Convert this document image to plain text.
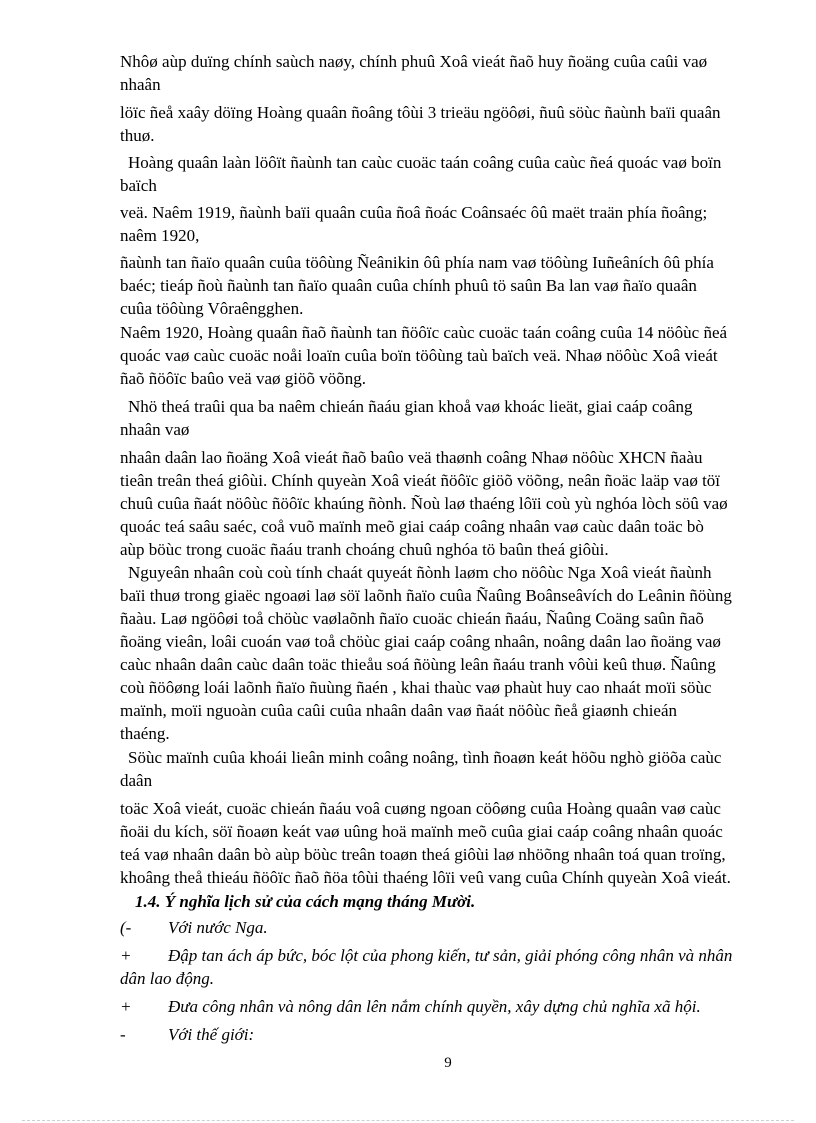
Nhôø aùp duïng chính saùch naøy, chính phuû Xoâ vieát ñaõ huy ñoäng cuûa caûi vaø

nhaân

löïc ñeå xaây döïng Hoàng quaân ñoâng tôùi 3 trieäu ngöôøi, ñuû söùc ñaùnh baïi quaân

thuø.

Hoàng quaân laàn löôït ñaùnh tan caùc cuoäc taán coâng cuûa caùc ñeá quoác vaø boïn

baïch

veä. Naêm 1919, ñaùnh baïi quaân cuûa ñoâ ñoác Coânsaéc ôû maët traän phía ñoâng;

naêm 1920,

ñaùnh tan ñaïo quaân cuûa töôùng Ñeânikin ôû phía nam vaø töôùng Iuñeâních ôû phía

baéc; tieáp ñoù ñaùnh tan ñaïo quaân cuûa chính phuû tö saûn Ba lan vaø ñaïo quaân

cuûa töôùng Vôraêngghen.

Naêm 1920, Hoàng quaân ñaõ ñaùnh tan ñöôïc caùc cuoäc taán coâng cuûa 14 nöôùc ñeá

quoác vaø caùc cuoäc noåi loaïn cuûa boïn töôùng taù baïch veä. Nhaø nöôùc Xoâ vieát

ñaõ ñöôïc baûo veä vaø giöõ vöõng.

Nhö theá traûi qua ba naêm chieán ñaáu gian khoå vaø khoác lieät, giai caáp coâng

nhaân vaø

nhaân daân lao ñoäng Xoâ vieát ñaõ baûo veä thaønh coâng Nhaø nöôùc XHCN ñaàu

tieân treân theá giôùi. Chính quyeàn Xoâ vieát ñöôïc giöõ vöõng, neân ñoäc laäp vaø töï

chuû cuûa ñaát nöôùc ñöôïc khaúng ñònh. Ñoù laø thaéng lôïi coù yù nghóa lòch söû vaø

quoác teá saâu saéc, coå vuõ maïnh meõ giai caáp coâng nhaân vaø caùc daân toäc bò

aùp böùc trong cuoäc ñaáu tranh choáng chuû nghóa tö baûn theá giôùi.

Nguyeân nhaân coù coù tính chaát quyeát ñònh laøm cho nöôùc Nga Xoâ vieát ñaùnh

baïi thuø trong giaëc ngoaøi laø söï laõnh ñaïo cuûa Ñaûng Boânseâvích do Leânin ñöùng

ñaàu. Laø ngöôøi toå chöùc vaølaõnh ñaïo cuoäc chieán ñaáu, Ñaûng Coäng saûn ñaõ

ñoäng vieân, loâi cuoán vaø toå chöùc giai caáp coâng nhaân, noâng daân lao ñoäng vaø

caùc nhaân daân caùc daân toäc thieåu soá ñöùng leân ñaáu tranh vôùi keû thuø. Ñaûng

coù ñöôøng loái laõnh ñaïo ñuùng ñaén , khai thaùc vaø phaùt huy cao nhaát moïi söùc

maïnh, moïi nguoàn cuûa caûi cuûa nhaân daân vaø ñaát nöôùc ñeå giaønh chieán

thaéng.

Söùc maïnh cuûa khoái lieân minh coâng noâng, tình ñoaøn keát höõu nghò giöõa caùc

daân

toäc Xoâ vieát, cuoäc chieán ñaáu voâ cuøng ngoan cöôøng cuûa Hoàng quaân vaø caùc

ñoäi du kích, söï ñoaøn keát vaø uûng hoä maïnh meõ cuûa giai caáp coâng nhaân quoác

teá vaø nhaân daân bò aùp böùc treân toaøn theá giôùi laø nhöõng nhaân toá quan troïng,

khoâng theå thieáu ñöôïc ñaõ ñöa tôùi thaéng lôïi veû vang cuûa Chính quyeàn Xoâ vieát.

1.4. Ý nghĩa lịch sử của cách mạng tháng Mười.

(- Với nước Nga.
+ Đập tan ách áp bức, bóc lột của phong kiến, tư sản, giải phóng công nhân và nhân
dân lao động.
+ Đưa công nhân và nông dân lên nắm chính quyền, xây dựng chủ nghĩa xã hội.
- Với thế giới:
9
